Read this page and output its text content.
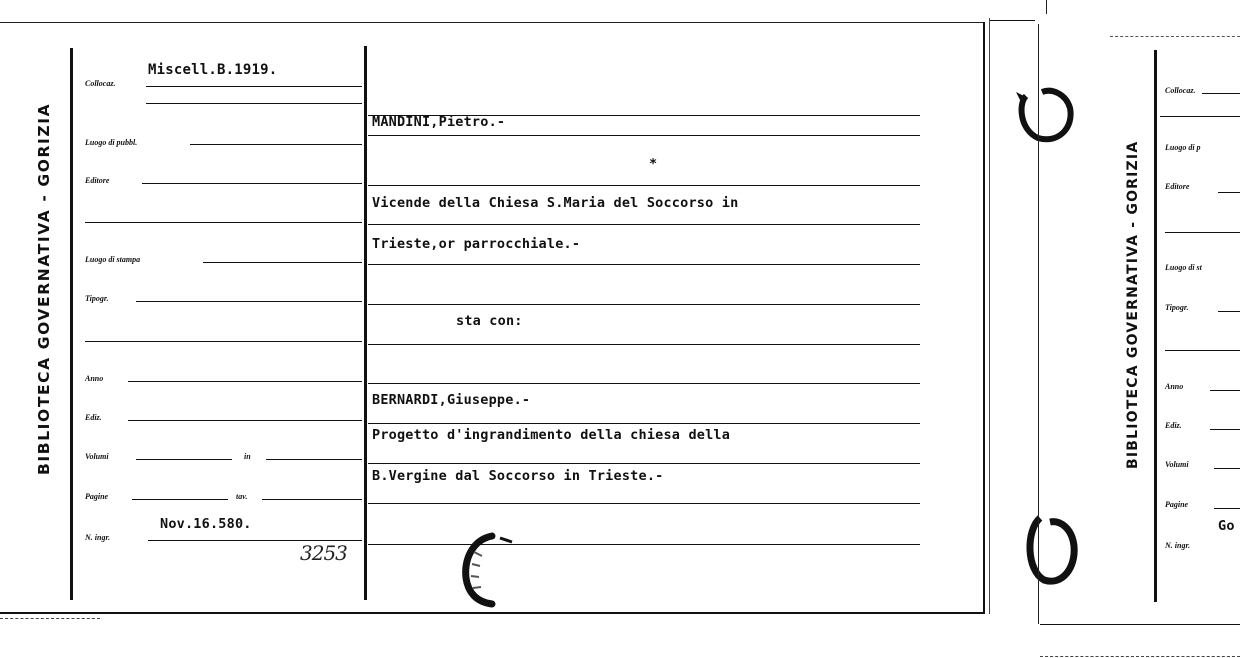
BIBLIOTECA GOVERNATIVA - GORIZIA
Collocaz.
Miscell.B.1919.
Luogo di pubbl.
Editore
Luogo di stampa
Tipogr.
Anno
Ediz.
Volumi	in
Pagine	tav.
N. ingr.
Nov.16.580.
3253
MANDINI,Pietro.-
*
Vicende della Chiesa S.Maria del Soccorso in
Trieste,or parrocchiale.-
sta con:
BERNARDI,Giuseppe.-
Progetto d'ingrandimento della chiesa della
B.Vergine dal Soccorso in Trieste.-
BIBLIOTECA GOVERNATIVA - GORIZIA
Collocaz.
Luogo di p
Editore
Luogo di st
Tipogr.
Anno
Ediz.
Volumi
Pagine
Go
N. ingr.
